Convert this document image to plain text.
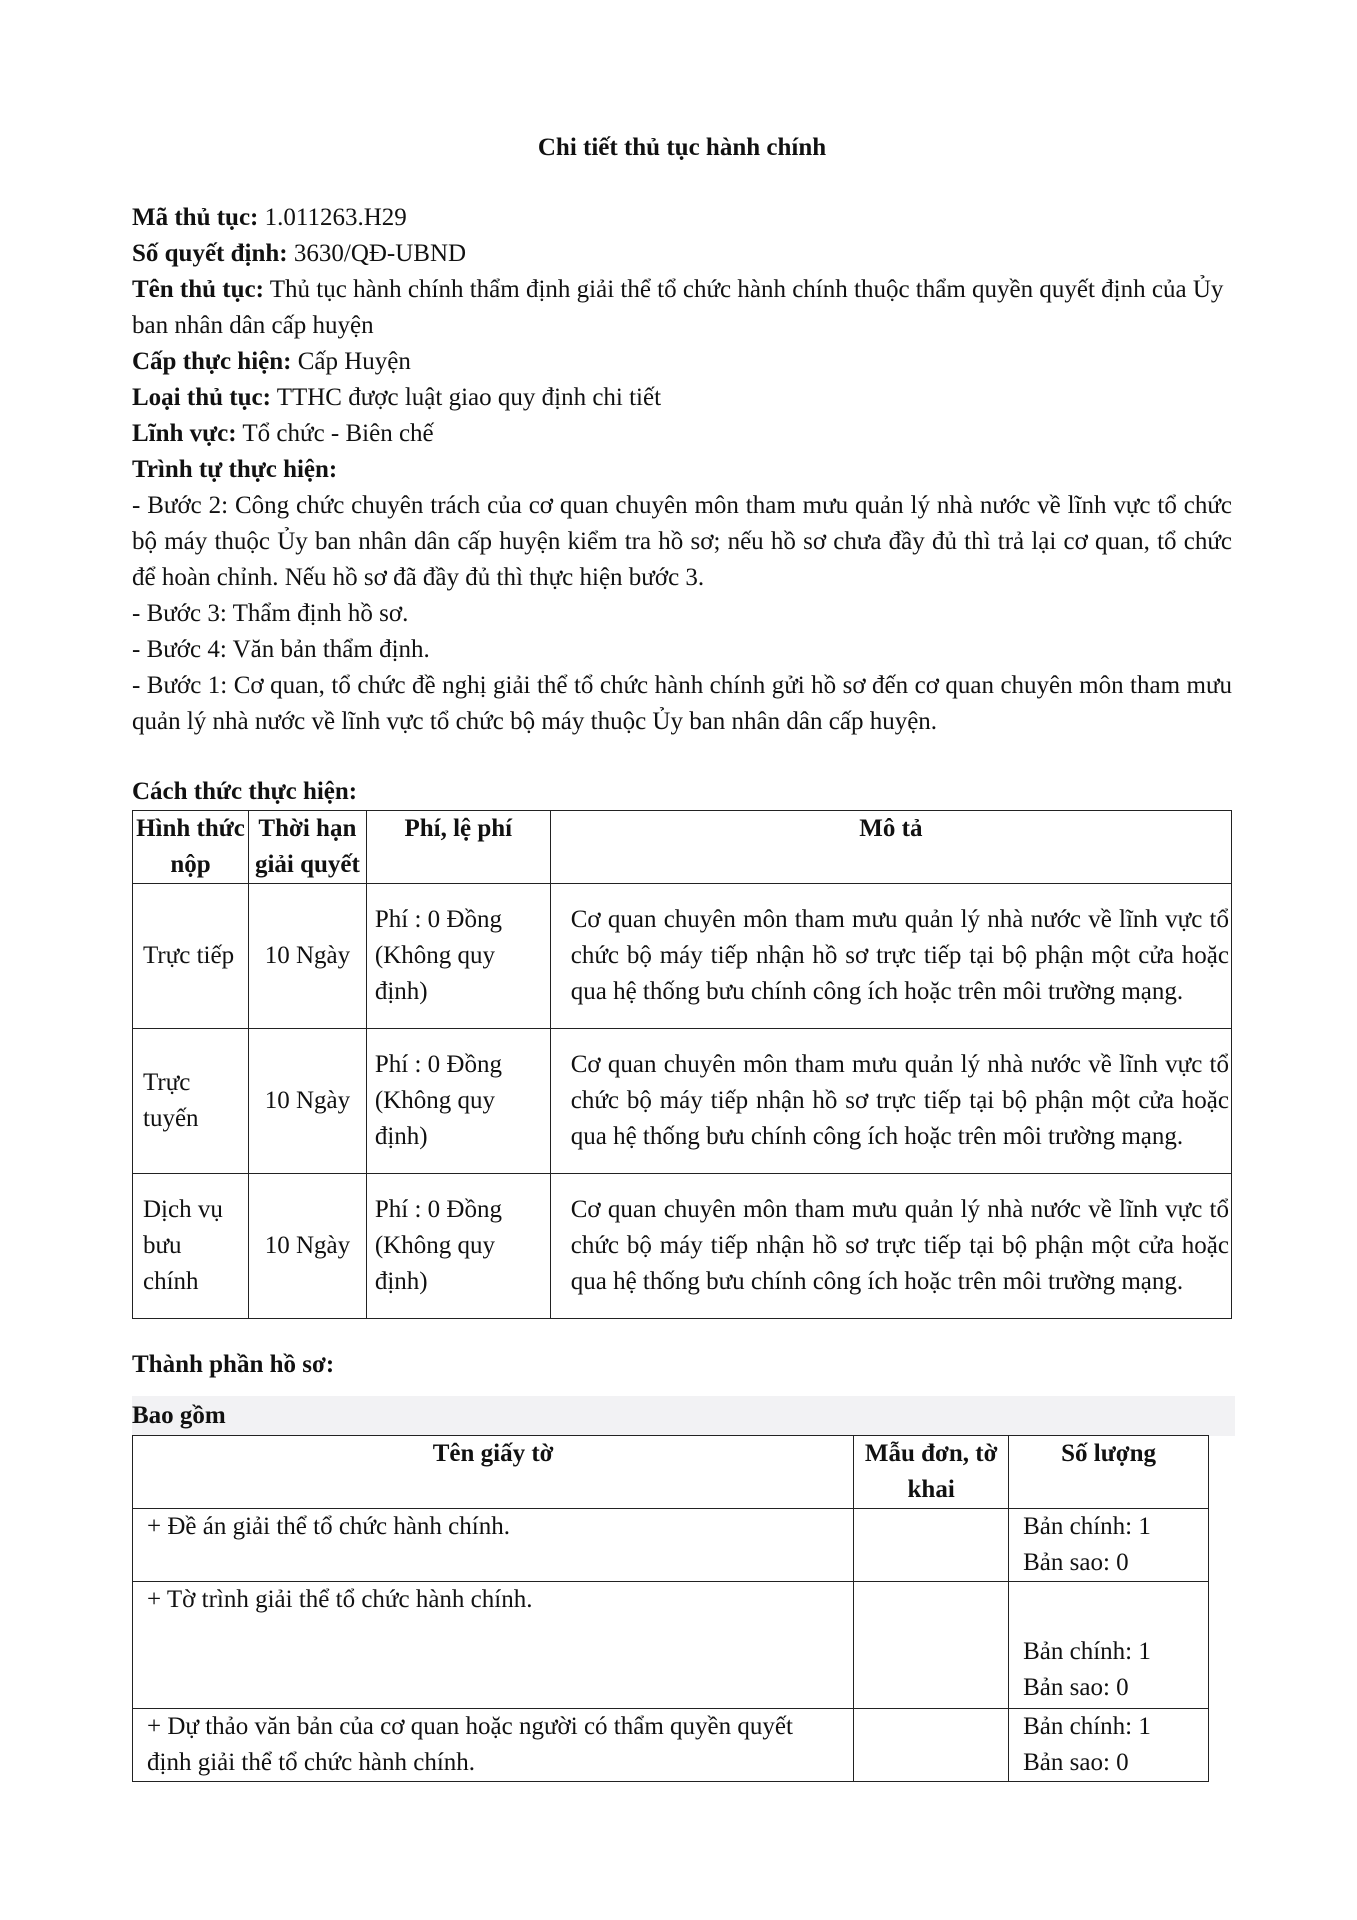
Chi tiết thủ tục hành chính

Mã thủ tục: 1.011263.H29

Số quyết định: 3630/QĐ-UBND

Tên thủ tục: Thủ tục hành chính thẩm định giải thể tổ chức hành chính thuộc thẩm quyền quyết định của Ủy ban nhân dân cấp huyện

Cấp thực hiện: Cấp Huyện

Loại thủ tục: TTHC được luật giao quy định chi tiết

Lĩnh vực: Tổ chức - Biên chế

Trình tự thực hiện:

- Bước 2: Công chức chuyên trách của cơ quan chuyên môn tham mưu quản lý nhà nước về lĩnh vực tổ chức bộ máy thuộc Ủy ban nhân dân cấp huyện kiểm tra hồ sơ; nếu hồ sơ chưa đầy đủ thì trả lại cơ quan, tổ chức để hoàn chỉnh. Nếu hồ sơ đã đầy đủ thì thực hiện bước 3.

- Bước 3: Thẩm định hồ sơ.

- Bước 4: Văn bản thẩm định.

- Bước 1: Cơ quan, tổ chức đề nghị giải thể tổ chức hành chính gửi hồ sơ đến cơ quan chuyên môn tham mưu quản lý nhà nước về lĩnh vực tổ chức bộ máy thuộc Ủy ban nhân dân cấp huyện.

Cách thức thực hiện:

Hình thức nộp	Thời hạn giải quyết	Phí, lệ phí	Mô tả
Trực tiếp	10 Ngày	Phí : 0 Đồng (Không quy định)	Cơ quan chuyên môn tham mưu quản lý nhà nước về lĩnh vực tổ chức bộ máy tiếp nhận hồ sơ trực tiếp tại bộ phận một cửa hoặc qua hệ thống bưu chính công ích hoặc trên môi trường mạng.
Trực tuyến	10 Ngày	Phí : 0 Đồng (Không quy định)	Cơ quan chuyên môn tham mưu quản lý nhà nước về lĩnh vực tổ chức bộ máy tiếp nhận hồ sơ trực tiếp tại bộ phận một cửa hoặc qua hệ thống bưu chính công ích hoặc trên môi trường mạng.
Dịch vụ bưu chính	10 Ngày	Phí : 0 Đồng (Không quy định)	Cơ quan chuyên môn tham mưu quản lý nhà nước về lĩnh vực tổ chức bộ máy tiếp nhận hồ sơ trực tiếp tại bộ phận một cửa hoặc qua hệ thống bưu chính công ích hoặc trên môi trường mạng.

Thành phần hồ sơ:

Bao gồm

Tên giấy tờ	Mẫu đơn, tờ khai	Số lượng
+ Đề án giải thể tổ chức hành chính.		Bản chính: 1
Bản sao: 0

+ Tờ trình giải thể tổ chức hành chính.		Bản chính: 1
Bản sao: 0

+ Dự thảo văn bản của cơ quan hoặc người có thẩm quyền quyết định giải thể tổ chức hành chính.		Bản chính: 1
Bản sao: 0
